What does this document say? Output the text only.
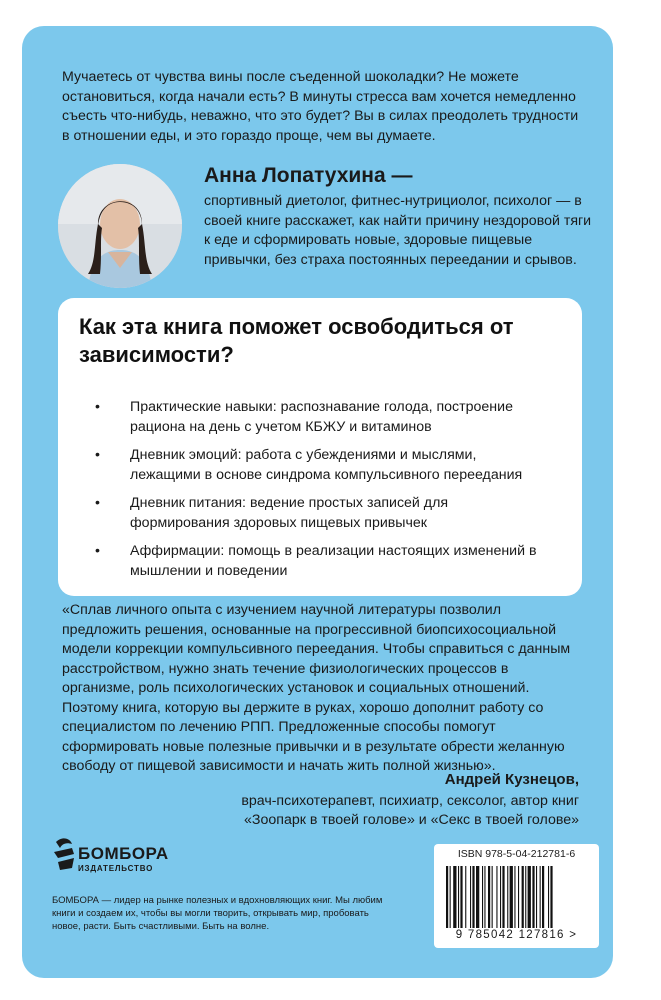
Мучаетесь от чувства вины после съеденной шоколадки? Не можете остановиться, когда начали есть? В минуты стресса вам хочется немедленно съесть что-нибудь, неважно, что это будет? Вы в силах преодолеть трудности в отношении еды, и это гораздо проще, чем вы думаете.

Анна Лопатухина —

спортивный диетолог, фитнес-нутрициолог, психолог — в своей книге расскажет, как найти причину нездоровой тяги к еде и сформировать новые, здоровые пищевые привычки, без страха постоянных переедании и срывов.

Как эта книга поможет освободиться от зависимости?

• Практические навыки: распознавание голода, построение рациона на день с учетом КБЖУ и витаминов
• Дневник эмоций: работа с убеждениями и мыслями, лежащими в основе синдрома компульсивного переедания
• Дневник питания: ведение простых записей для формирования здоровых пищевых привычек
• Аффирмации: помощь в реализации настоящих изменений в мышлении и поведении

«Сплав личного опыта с изучением научной литературы позволил предложить решения, основанные на прогрессивной биопсихосоциальной модели коррекции компульсивного переедания. Чтобы справиться с данным расстройством, нужно знать течение физиологических процессов в организме, роль психологических установок и социальных отношений. Поэтому книга, которую вы держите в руках, хорошо дополнит работу со специалистом по лечению РПП. Предложенные способы помогут сформировать новые полезные привычки и в результате обрести желанную свободу от пищевой зависимости и начать жить полной жизнью».

Андрей Кузнецов,
врач-психотерапевт, психиатр, сексолог, автор книг
«Зоопарк в твоей голове» и «Секс в твоей голове»
БОМБОРА
ИЗДАТЕЛЬСТВО

БОМБОРА — лидер на рынке полезных и вдохновляющих книг. Мы любим книги и создаем их, чтобы вы могли творить, открывать мир, пробовать новое, расти. Быть счастливыми. Быть на волне.

ISBN 978-5-04-212781-6
9 785042 127816 >
